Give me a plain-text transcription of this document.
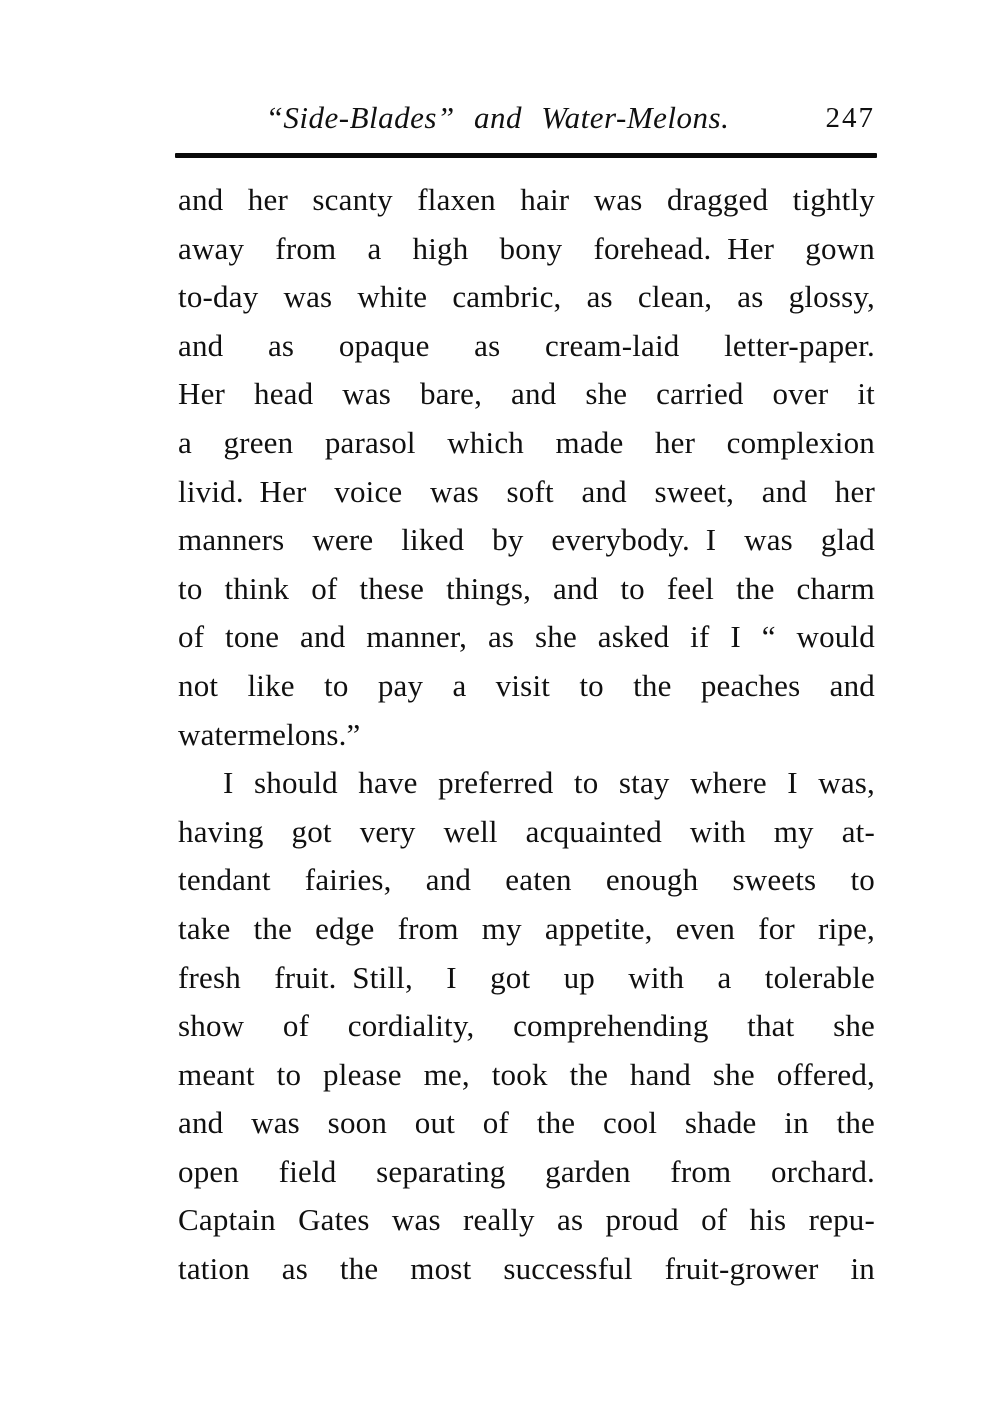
“Side-Blades” and Water-Melons.	247
and her scanty flaxen hair was dragged tightly
away from a high bony forehead. Her gown
to-day was white cambric, as clean, as glossy,
and as opaque as cream-laid letter-paper.
Her head was bare, and she carried over it
a green parasol which made her complexion
livid. Her voice was soft and sweet, and her
manners were liked by everybody. I was glad
to think of these things, and to feel the charm
of tone and manner, as she asked if I “ would
not like to pay a visit to the peaches and
watermelons.”
I should have preferred to stay where I was,
having got very well acquainted with my at-
tendant fairies, and eaten enough sweets to
take the edge from my appetite, even for ripe,
fresh fruit. Still, I got up with a tolerable
show of cordiality, comprehending that she
meant to please me, took the hand she offered,
and was soon out of the cool shade in the
open field separating garden from orchard.
Captain Gates was really as proud of his repu-
tation as the most successful fruit-grower in
